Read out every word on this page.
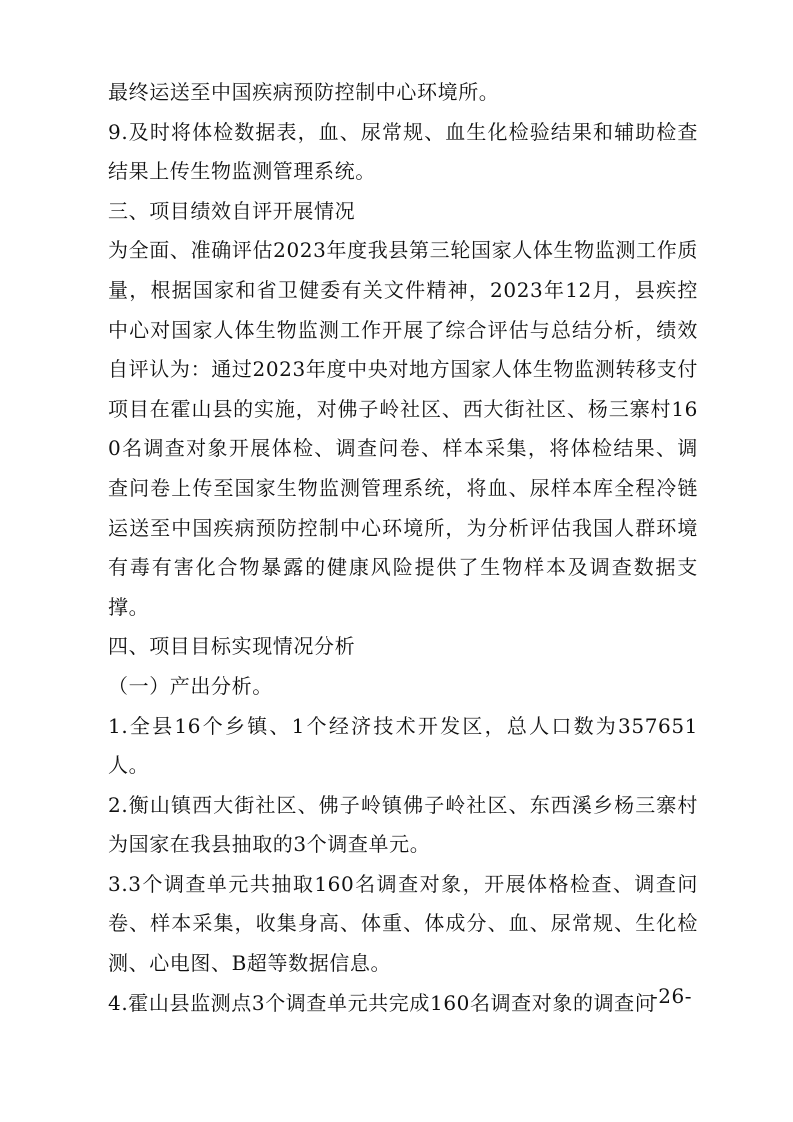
最终运送至中国疾病预防控制中心环境所。

9.及时将体检数据表，血、尿常规、血生化检验结果和辅助检查结果上传生物监测管理系统。

三、项目绩效自评开展情况

为全面、准确评估2023年度我县第三轮国家人体生物监测工作质量，根据国家和省卫健委有关文件精神，2023年12月，县疾控中心对国家人体生物监测工作开展了综合评估与总结分析，绩效自评认为：通过2023年度中央对地方国家人体生物监测转移支付项目在霍山县的实施，对佛子岭社区、西大街社区、杨三寨村160名调查对象开展体检、调查问卷、样本采集，将体检结果、调查问卷上传至国家生物监测管理系统，将血、尿样本库全程冷链运送至中国疾病预防控制中心环境所，为分析评估我国人群环境有毒有害化合物暴露的健康风险提供了生物样本及调查数据支撑。

四、项目目标实现情况分析

（一）产出分析。

1.全县16个乡镇、1个经济技术开发区，总人口数为357651人。

2.衡山镇西大街社区、佛子岭镇佛子岭社区、东西溪乡杨三寨村为国家在我县抽取的3个调查单元。

3.3个调查单元共抽取160名调查对象，开展体格检查、调查问卷、样本采集，收集身高、体重、体成分、血、尿常规、生化检测、心电图、B超等数据信息。

4.霍山县监测点3个调查单元共完成160名调查对象的调查问

-26-
